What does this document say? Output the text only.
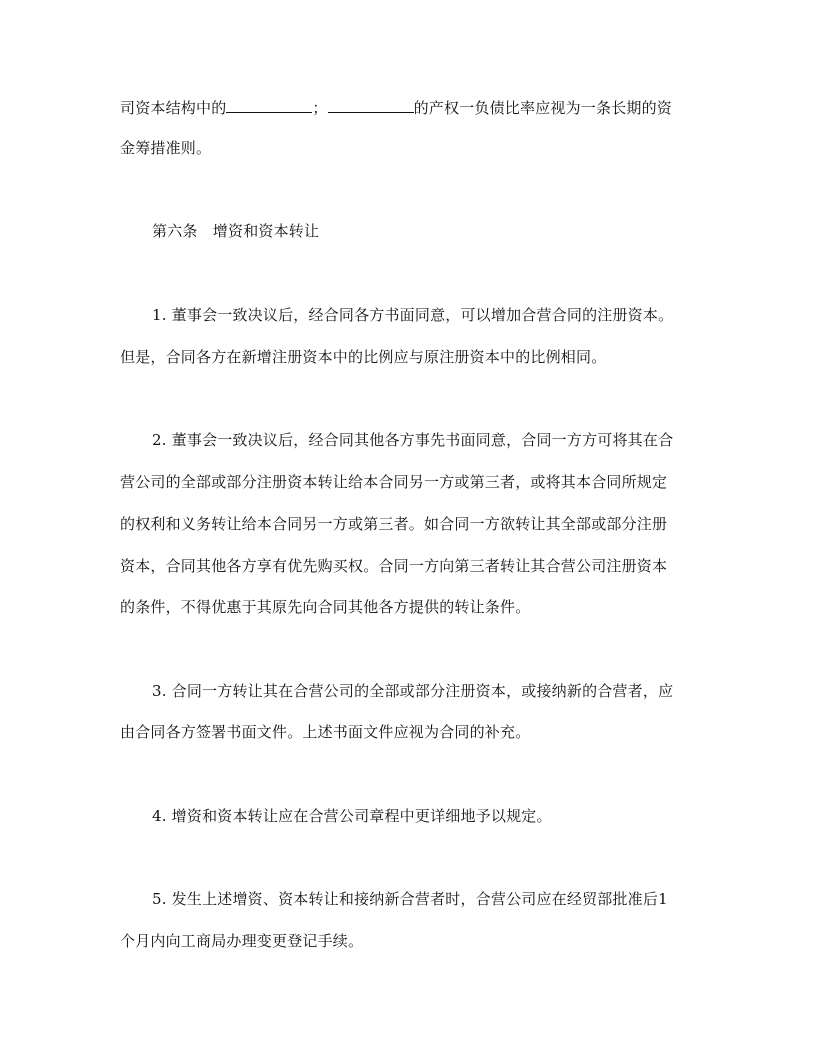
司资本结构中的	；	的产权一负债比率应视为一条长期的资
金筹措准则。
第六条　增资和资本转让
1. 董事会一致决议后，经合同各方书面同意，可以增加合营合同的注册资本。
但是，合同各方在新增注册资本中的比例应与原注册资本中的比例相同。
2. 董事会一致决议后，经合同其他各方事先书面同意，合同一方方可将其在合
营公司的全部或部分注册资本转让给本合同另一方或第三者，或将其本合同所规定
的权利和义务转让给本合同另一方或第三者。如合同一方欲转让其全部或部分注册
资本，合同其他各方享有优先购买权。合同一方向第三者转让其合营公司注册资本
的条件，不得优惠于其原先向合同其他各方提供的转让条件。
3. 合同一方转让其在合营公司的全部或部分注册资本，或接纳新的合营者，应
由合同各方签署书面文件。上述书面文件应视为合同的补充。
4. 增资和资本转让应在合营公司章程中更详细地予以规定。
5. 发生上述增资、资本转让和接纳新合营者时，合营公司应在经贸部批准后1
个月内向工商局办理变更登记手续。
